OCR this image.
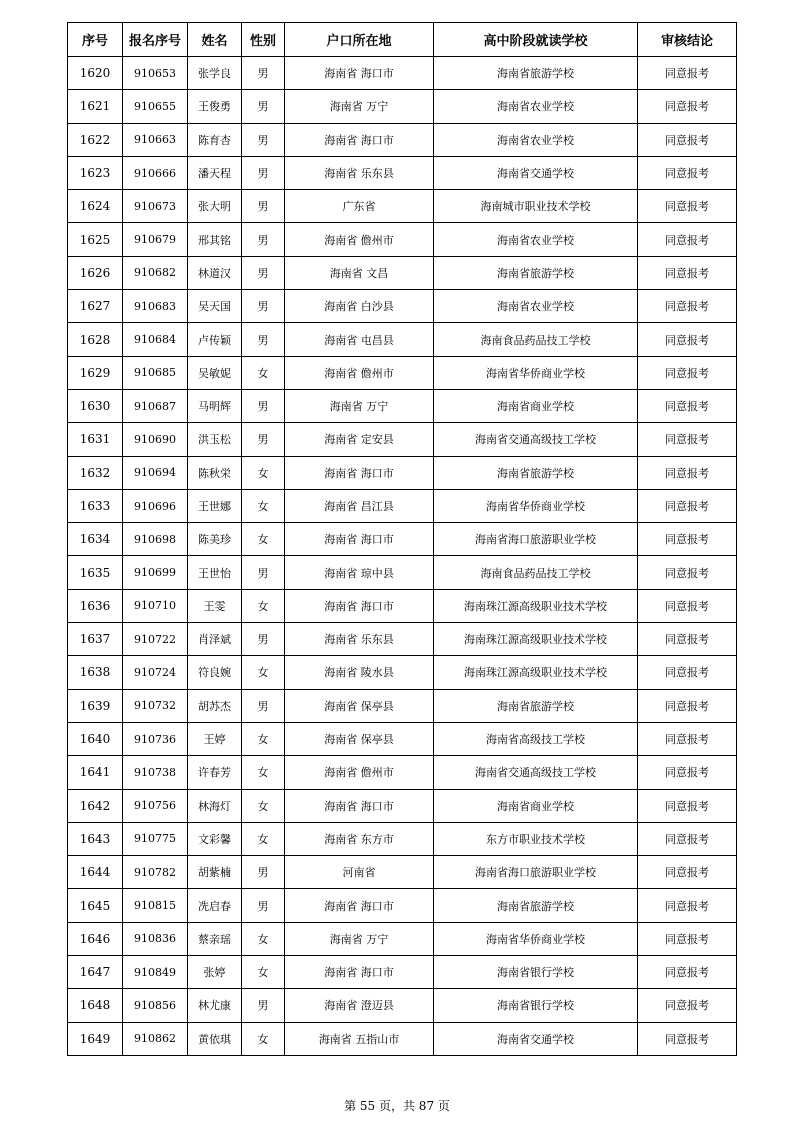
序号	报名序号	姓名	性别	户口所在地	高中阶段就读学校	审核结论
1620	910653	张学良	男	海南省 海口市	海南省旅游学校	同意报考
1621	910655	王俊勇	男	海南省 万宁	海南省农业学校	同意报考
1622	910663	陈育杏	男	海南省 海口市	海南省农业学校	同意报考
1623	910666	潘天程	男	海南省 乐东县	海南省交通学校	同意报考
1624	910673	张大明	男	广东省	海南城市职业技术学校	同意报考
1625	910679	邢其铭	男	海南省 儋州市	海南省农业学校	同意报考
1626	910682	林道汉	男	海南省 文昌	海南省旅游学校	同意报考
1627	910683	吴天国	男	海南省 白沙县	海南省农业学校	同意报考
1628	910684	卢传颖	男	海南省 屯昌县	海南食品药品技工学校	同意报考
1629	910685	吴敏妮	女	海南省 儋州市	海南省华侨商业学校	同意报考
1630	910687	马明辉	男	海南省 万宁	海南省商业学校	同意报考
1631	910690	洪玉松	男	海南省 定安县	海南省交通高级技工学校	同意报考
1632	910694	陈秋栄	女	海南省 海口市	海南省旅游学校	同意报考
1633	910696	王世娜	女	海南省 昌江县	海南省华侨商业学校	同意报考
1634	910698	陈美珍	女	海南省 海口市	海南省海口旅游职业学校	同意报考
1635	910699	王世怡	男	海南省 琼中县	海南食品药品技工学校	同意报考
1636	910710	王雯	女	海南省 海口市	海南珠江源高级职业技术学校	同意报考
1637	910722	肖泽斌	男	海南省 乐东县	海南珠江源高级职业技术学校	同意报考
1638	910724	符良婉	女	海南省 陵水县	海南珠江源高级职业技术学校	同意报考
1639	910732	胡苏杰	男	海南省 保亭县	海南省旅游学校	同意报考
1640	910736	王婷	女	海南省 保亭县	海南省高级技工学校	同意报考
1641	910738	许春芳	女	海南省 儋州市	海南省交通高级技工学校	同意报考
1642	910756	林海灯	女	海南省 海口市	海南省商业学校	同意报考
1643	910775	文彩馨	女	海南省 东方市	东方市职业技术学校	同意报考
1644	910782	胡紫楠	男	河南省	海南省海口旅游职业学校	同意报考
1645	910815	冼启春	男	海南省 海口市	海南省旅游学校	同意报考
1646	910836	蔡亲瑶	女	海南省 万宁	海南省华侨商业学校	同意报考
1647	910849	张婷	女	海南省 海口市	海南省银行学校	同意报考
1648	910856	林尤康	男	海南省 澄迈县	海南省银行学校	同意报考
1649	910862	黄依琪	女	海南省 五指山市	海南省交通学校	同意报考
第 55 页，共 87 页
